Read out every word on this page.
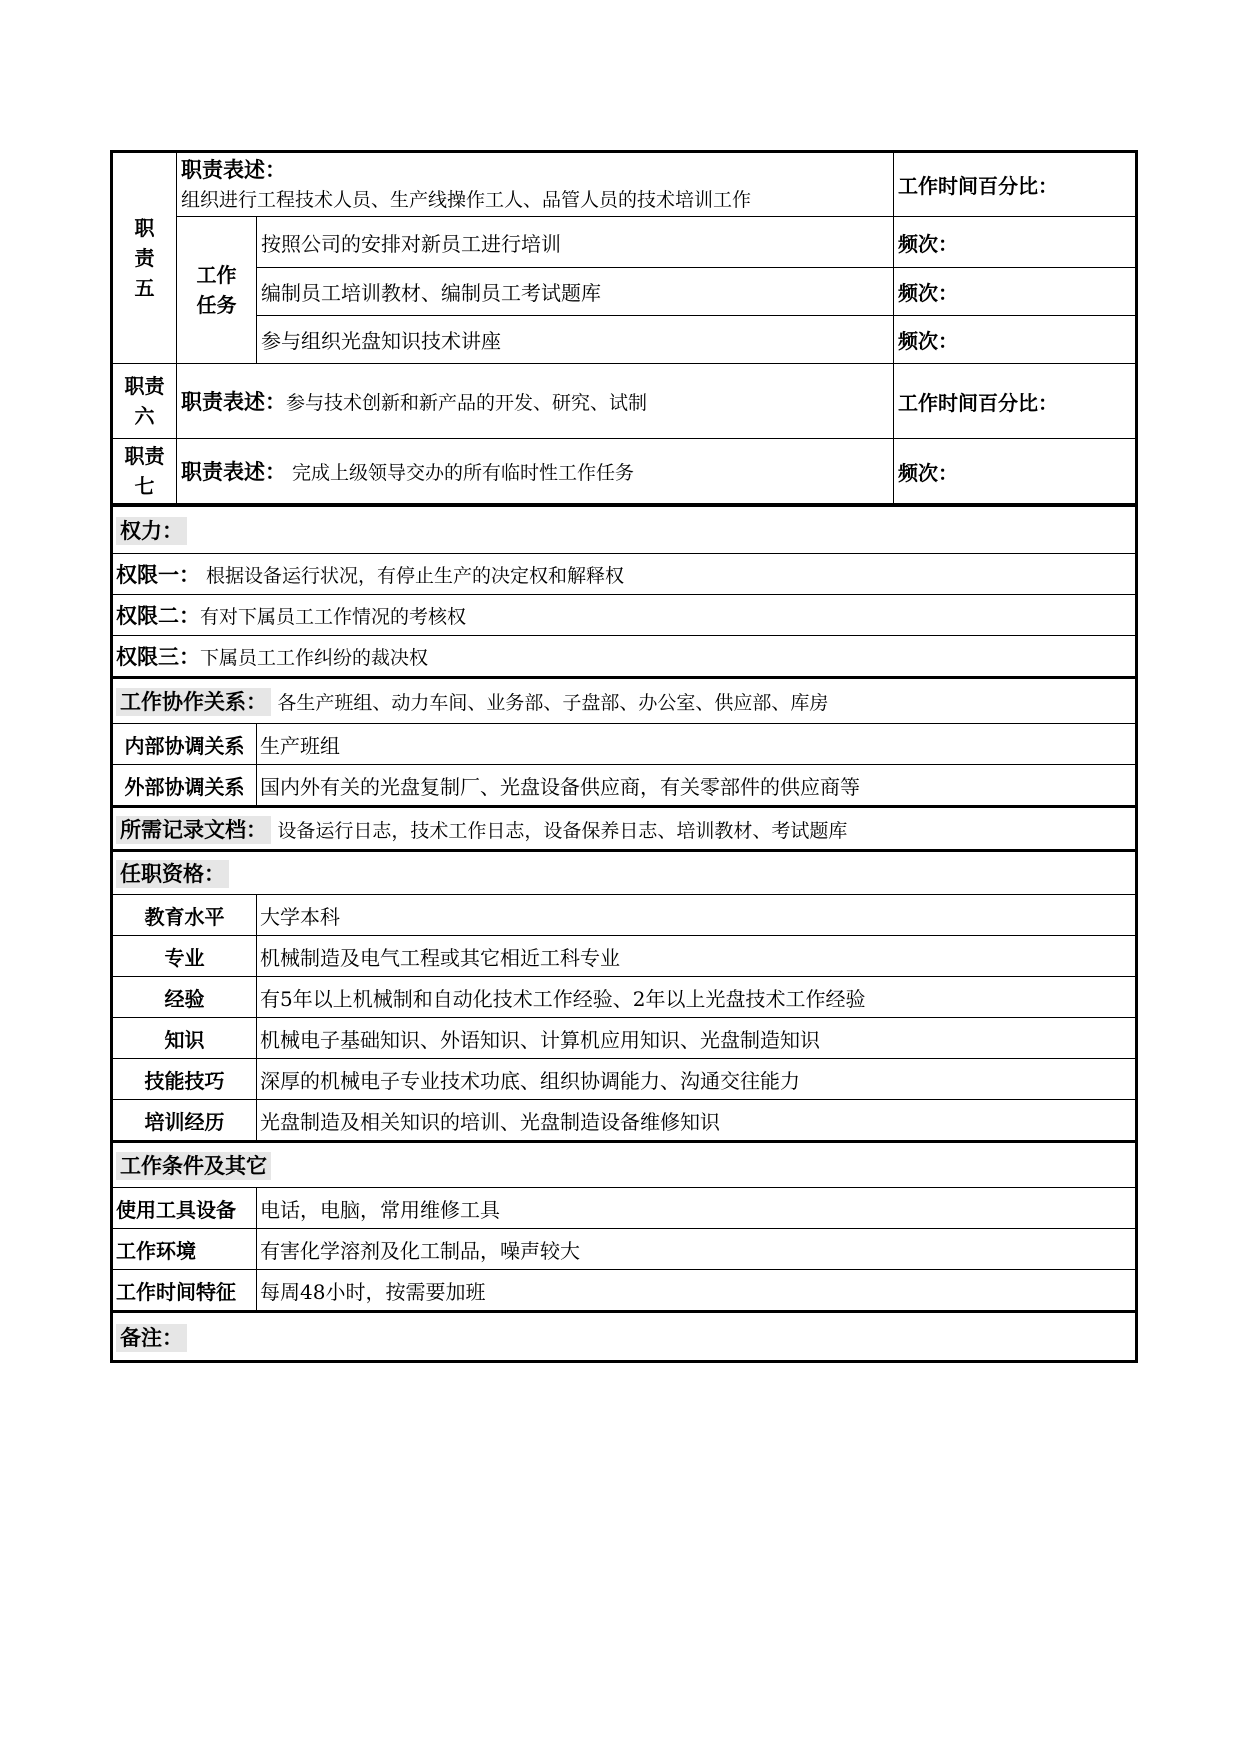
职
责
五	职责表述：
组织进行工程技术人员、生产线操作工人、品管人员的技术培训工作		工作时间百分比：

	工作
任务	按照公司的安排对新员工进行培训	频次：
		编制员工培训教材、编制员工考试题库	频次：
		参与组织光盘知识技术讲座	频次：

职责
六	职责表述：参与技术创新和新产品的开发、研究、试制		工作时间百分比：

职责
七	职责表述： 完成上级领导交办的所有临时性工作任务		频次：
权力：	
权限一： 根据设备运行状况，有停止生产的决定权和解释权	
权限二：有对下属员工工作情况的考核权	
权限三：下属员工工作纠纷的裁决权	
工作协作关系： 各生产班组、动力车间、业务部、子盘部、办公室、供应部、库房	
内部协调关系	生产班组
外部协调关系	国内外有关的光盘复制厂、光盘设备供应商，有关零部件的供应商等
所需记录文档： 设备运行日志，技术工作日志，设备保养日志、培训教材、考试题库	
任职资格：	
教育水平	大学本科
专业	机械制造及电气工程或其它相近工科专业
经验	有5年以上机械制和自动化技术工作经验、2年以上光盘技术工作经验
知识	机械电子基础知识、外语知识、计算机应用知识、光盘制造知识
技能技巧	深厚的机械电子专业技术功底、组织协调能力、沟通交往能力
培训经历	光盘制造及相关知识的培训、光盘制造设备维修知识
工作条件及其它	
使用工具设备	电话，电脑，常用维修工具
工作环境	有害化学溶剂及化工制品，噪声较大
工作时间特征	每周48小时，按需要加班
备注：	
